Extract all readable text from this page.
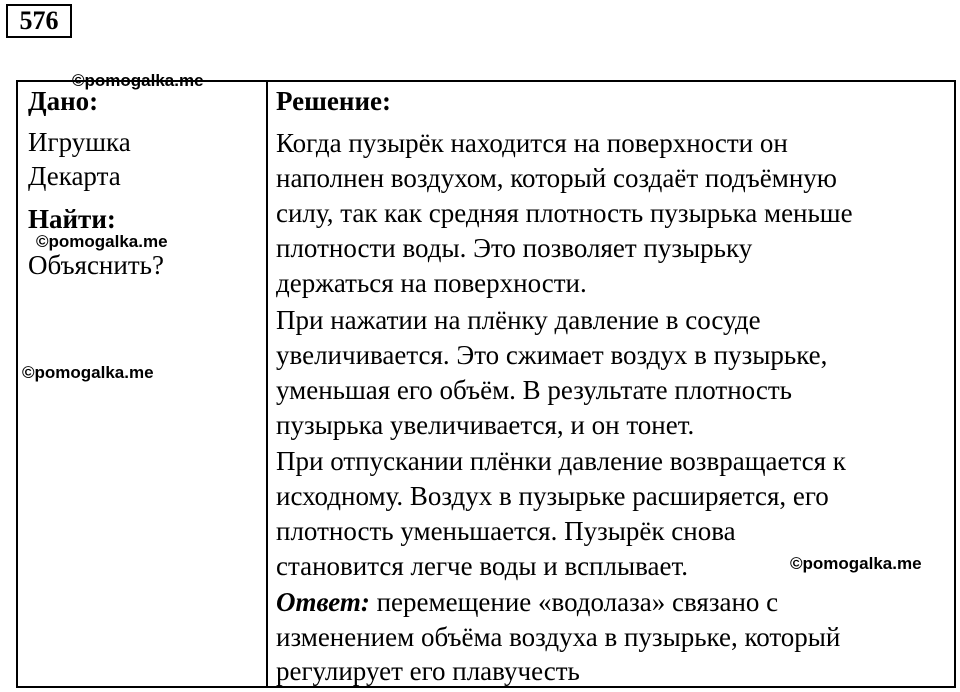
576
Дано:
Игрушка
Декарта
Найти:
Объяснить?
Решение:
Когда пузырёк находится на поверхности он
наполнен воздухом, который создаёт подъёмную
силу, так как средняя плотность пузырька меньше
плотности воды. Это позволяет пузырьку
держаться на поверхности.
При нажатии на плёнку давление в сосуде
увеличивается. Это сжимает воздух в пузырьке,
уменьшая его объём. В результате плотность
пузырька увеличивается, и он тонет.
При отпускании плёнки давление возвращается к
исходному. Воздух в пузырьке расширяется, его
плотность уменьшается. Пузырёк снова
становится легче воды и всплывает.
Ответ: перемещение «водолаза» связано с
изменением объёма воздуха в пузырьке, который
регулирует его плавучесть
©pomogalka.me
©pomogalka.me
©pomogalka.me
©pomogalka.me
